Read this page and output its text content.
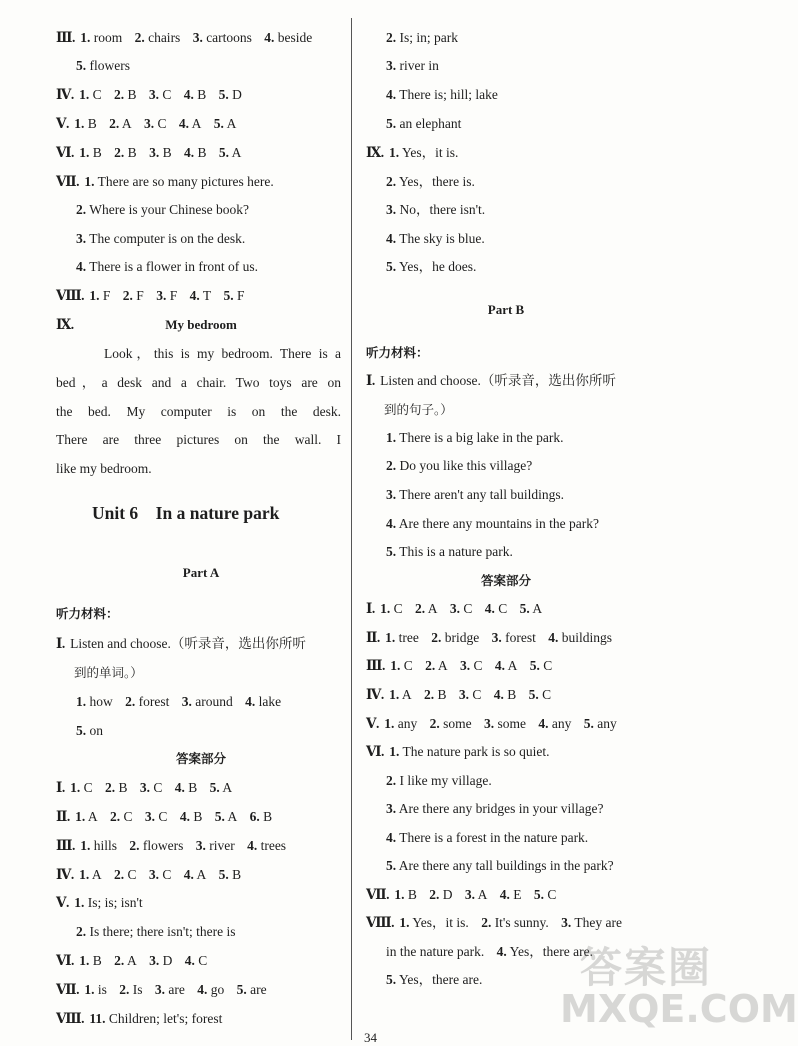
Ⅲ. 1. room 2. chairs 3. cartoons 4. beside
5. flowers
Ⅳ. 1. C 2. B 3. C 4. B 5. D
Ⅴ. 1. B 2. A 3. C 4. A 5. A
Ⅵ. 1. B 2. B 3. B 4. B 5. A
Ⅶ. 1. There are so many pictures here.
2. Where is your Chinese book?
3. The computer is on the desk.
4. There is a flower in front of us.
Ⅷ. 1. F 2. F 3. F 4. T 5. F
Ⅸ.	My bedroom
Look，this is my bedroom. There is a
bed，a desk and a chair. Two toys are on
the bed. My computer is on the desk.
There are three pictures on the wall. I
like my bedroom.
Unit 6　In a nature park
Part A
听力材料：
Ⅰ. Listen and choose.（听录音，选出你所听
到的单词。）
1. how 2. forest 3. around 4. lake
5. on
答案部分
Ⅰ. 1. C 2. B 3. C 4. B 5. A
Ⅱ. 1. A 2. C 3. C 4. B 5. A 6. B
Ⅲ. 1. hills 2. flowers 3. river 4. trees
Ⅳ. 1. A 2. C 3. C 4. A 5. B
Ⅴ. 1. Is; is; isn't
2. Is there; there isn't; there is
Ⅵ. 1. B 2. A 3. D 4. C
Ⅶ. 1. is 2. Is 3. are 4. go 5. are
Ⅷ. 11. Children; let's; forest
2. Is; in; park
3. river in
4. There is; hill; lake
5. an elephant
Ⅸ. 1. Yes，it is.
2. Yes，there is.
3. No，there isn't.
4. The sky is blue.
5. Yes，he does.
Part B
听力材料：
Ⅰ. Listen and choose.（听录音，选出你所听
到的句子。）
1. There is a big lake in the park.
2. Do you like this village?
3. There aren't any tall buildings.
4. Are there any mountains in the park?
5. This is a nature park.
答案部分
Ⅰ. 1. C 2. A 3. C 4. C 5. A
Ⅱ. 1. tree 2. bridge 3. forest 4. buildings
Ⅲ. 1. C 2. A 3. C 4. A 5. C
Ⅳ. 1. A 2. B 3. C 4. B 5. C
Ⅴ. 1. any 2. some 3. some 4. any 5. any
Ⅵ. 1. The nature park is so quiet.
2. I like my village.
3. Are there any bridges in your village?
4. There is a forest in the nature park.
5. Are there any tall buildings in the park?
Ⅶ. 1. B 2. D 3. A 4. E 5. C
Ⅷ. 1. Yes，it is. 2. It's sunny. 3. They are
in the nature park. 4. Yes，there are.
5. Yes，there are.
34
答案圈
MXQE.COM
